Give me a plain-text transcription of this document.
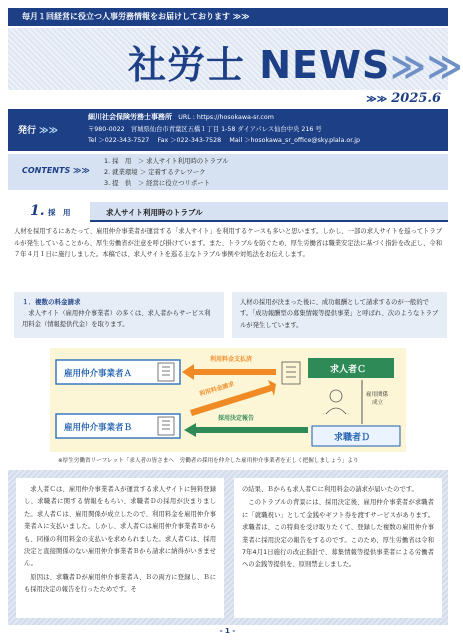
毎月１回経営に役立つ人事労務情報をお届けしております ≫≫
社労士 NEWS≫≫
≫≫ 2025.6
発行 ≫≫
細川社会保険労務士事務所　 URL : https://hosokawa-sr.com
〒980-0022　宮城県仙台市青葉区五橋１丁目 1-58 ダイアパレス仙台中央 216 号
Tel ＞022-343-7527　 Fax ＞022-343-7528　 Mail ＞hosokawa_sr_office@sky.plala.or.jp
CONTENTS ≫≫
1. 採　用　＞ 求人サイト利用時のトラブル
2. 就業環境 ＞ 定着するテレワーク
3. 提　供　＞ 経営に役立つリポート
1. 採　用	求人サイト利用時のトラブル
人材を採用するにあたって、雇用仲介事業者が運営する「求人サイト」を利用するケースも多いと思います。しかし、一部の求人サイトを巡ってトラブルが発生していることから、厚生労働省が注意を呼び掛けています。また、トラブルを防ぐため、厚生労働省は職業安定法に基づく指針を改正し、令和７年４月１日に施行しました。本稿では、求人サイトを巡る主なトラブル事例や対処法をお伝えします。
１．複数の料金請求
求人サイト（雇用仲介事業者）の多くは、求人者からサービス利用料金（情報提供代金）を取ります。
人材の採用が決まった後に、成功報酬として請求するのが一般的です。「成功報酬型の募集情報等提供事業」と呼ばれ、次のようなトラブルが発生しています。
雇用仲介事業者Ａ
雇用仲介事業者Ｂ
求人者Ｃ
求職者Ｄ
雇用関係成立
利用料金支払済
利用料金請求
採用決定報告
※厚生労働省リーフレット「求人者の皆さまへ　労働者の採用を仲介した雇用仲介事業者を正しく把握しましょう」より

求人者Ｃは、雇用仲介事業者Ａが運営する求人サイトに無料登録し、求職者に関する情報をもらい、求職者Ｄの採用が決まりました。求人者Ｃは、雇用関係が成立したので、利用料金を雇用仲介事業者Ａに支払いました。しかし、求人者Ｃは雇用仲介事業者Ｂからも、同様の利用料金の支払いを求められました。求人者Ｃは、採用決定と直接関係のない雇用仲介事業者Ｂから請求に納得がいきません。

原因は、求職者Ｄが雇用仲介事業者Ａ、Ｂの両方に登録し、Ｂにも採用決定の報告を行ったためです。そ

の結果、Ｂからも求人者Ｃに利用料金の請求が届いたのです。

このトラブルの背景には、採用決定後、雇用仲介事業者が求職者に「就職祝い」として金銭やギフト券を渡すサービスがあります。求職者は、この特典を受け取りたくて、登録した複数の雇用仲介事業者に採用決定の報告をするのです。このため、厚生労働省は令和7年4月1日施行の改正指針で、募集情報等提供事業者による労働者への金銭等提供を、原則禁止しました。

- 1 -
